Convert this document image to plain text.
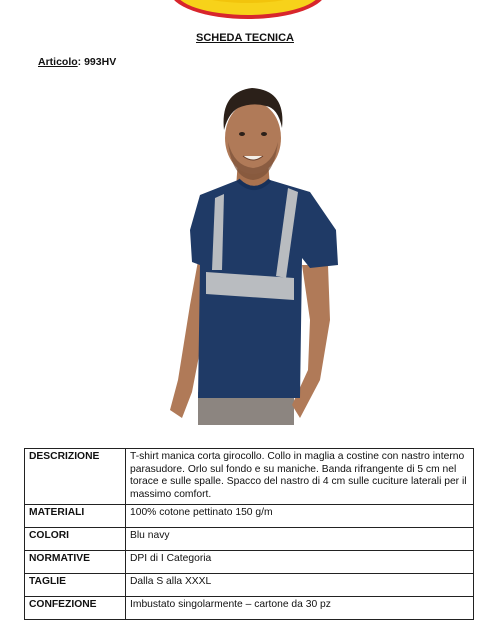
SCHEDA TECNICA
Articolo: 993HV
DESCRIZIONE	T-shirt manica corta girocollo. Collo in maglia a costine con nastro interno parasudore. Orlo sul fondo e su maniche. Banda rifrangente di 5 cm nel torace e sulle spalle. Spacco del nastro di 4 cm sulle cuciture laterali per il massimo comfort.
MATERIALI	100% cotone pettinato 150 g/m
COLORI	Blu navy
NORMATIVE	DPI di I Categoria
TAGLIE	Dalla S alla XXXL
CONFEZIONE	Imbustato singolarmente – cartone da 30 pz
